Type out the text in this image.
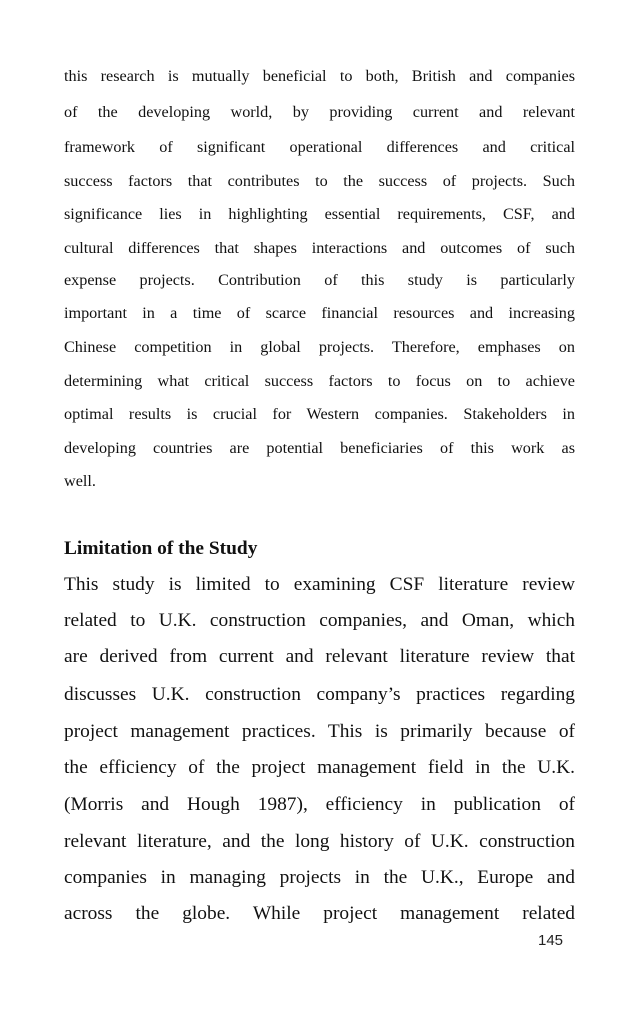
this research is mutually beneficial to both, British and companies
of the developing world, by providing current and relevant
framework of significant operational differences and critical
success factors that contributes to the success of projects. Such
significance lies in highlighting essential requirements, CSF, and
cultural differences that shapes interactions and outcomes of such
expense projects. Contribution of this study is particularly
important in a time of scarce financial resources and increasing
Chinese competition in global projects. Therefore, emphases on
determining what critical success factors to focus on to achieve
optimal results is crucial for Western companies. Stakeholders in
developing countries are potential beneficiaries of this work as
well.
Limitation of the Study
This study is limited to examining CSF literature review
related to U.K. construction companies, and Oman, which
are derived from current and relevant literature review that
discusses U.K. construction company’s practices regarding
project management practices. This is primarily because of
the efficiency of the project management field in the U.K.
(Morris and Hough 1987), efficiency in publication of
relevant literature, and the long history of U.K. construction
companies in managing projects in the U.K., Europe and
across the globe. While project management related
145
